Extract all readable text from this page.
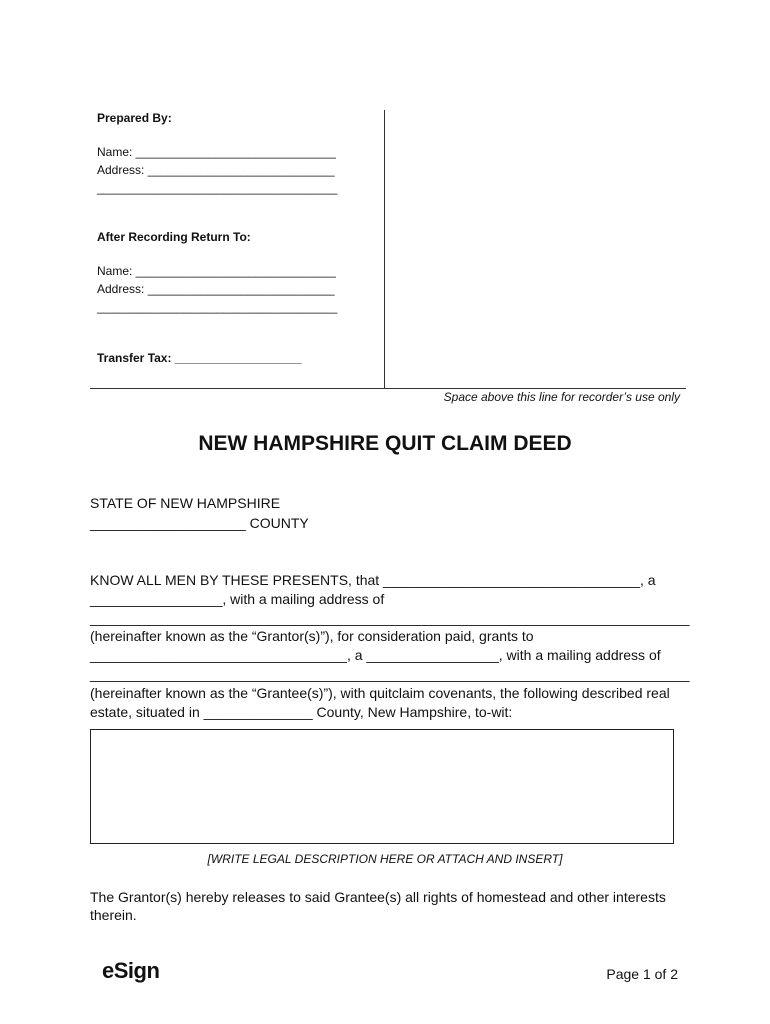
Prepared By:
Name: ______________________________
Address: ____________________________
____________________________________
After Recording Return To:
Name: ______________________________
Address: ____________________________
____________________________________
Transfer Tax: ___________________
Space above this line for recorder’s use only
NEW HAMPSHIRE QUIT CLAIM DEED
STATE OF NEW HAMPSHIRE
____________________ COUNTY
KNOW ALL MEN BY THESE PRESENTS, that _________________________________, a
_________________, with a mailing address of
_____________________________________________________________________________
(hereinafter known as the “Grantor(s)”), for consideration paid, grants to
_________________________________, a _________________, with a mailing address of
_____________________________________________________________________________
(hereinafter known as the “Grantee(s)”), with quitclaim covenants, the following described real
estate, situated in ______________ County, New Hampshire, to-wit:
[WRITE LEGAL DESCRIPTION HERE OR ATTACH AND INSERT]
The Grantor(s) hereby releases to said Grantee(s) all rights of homestead and other interests
therein.
eSign	Page 1 of 2
